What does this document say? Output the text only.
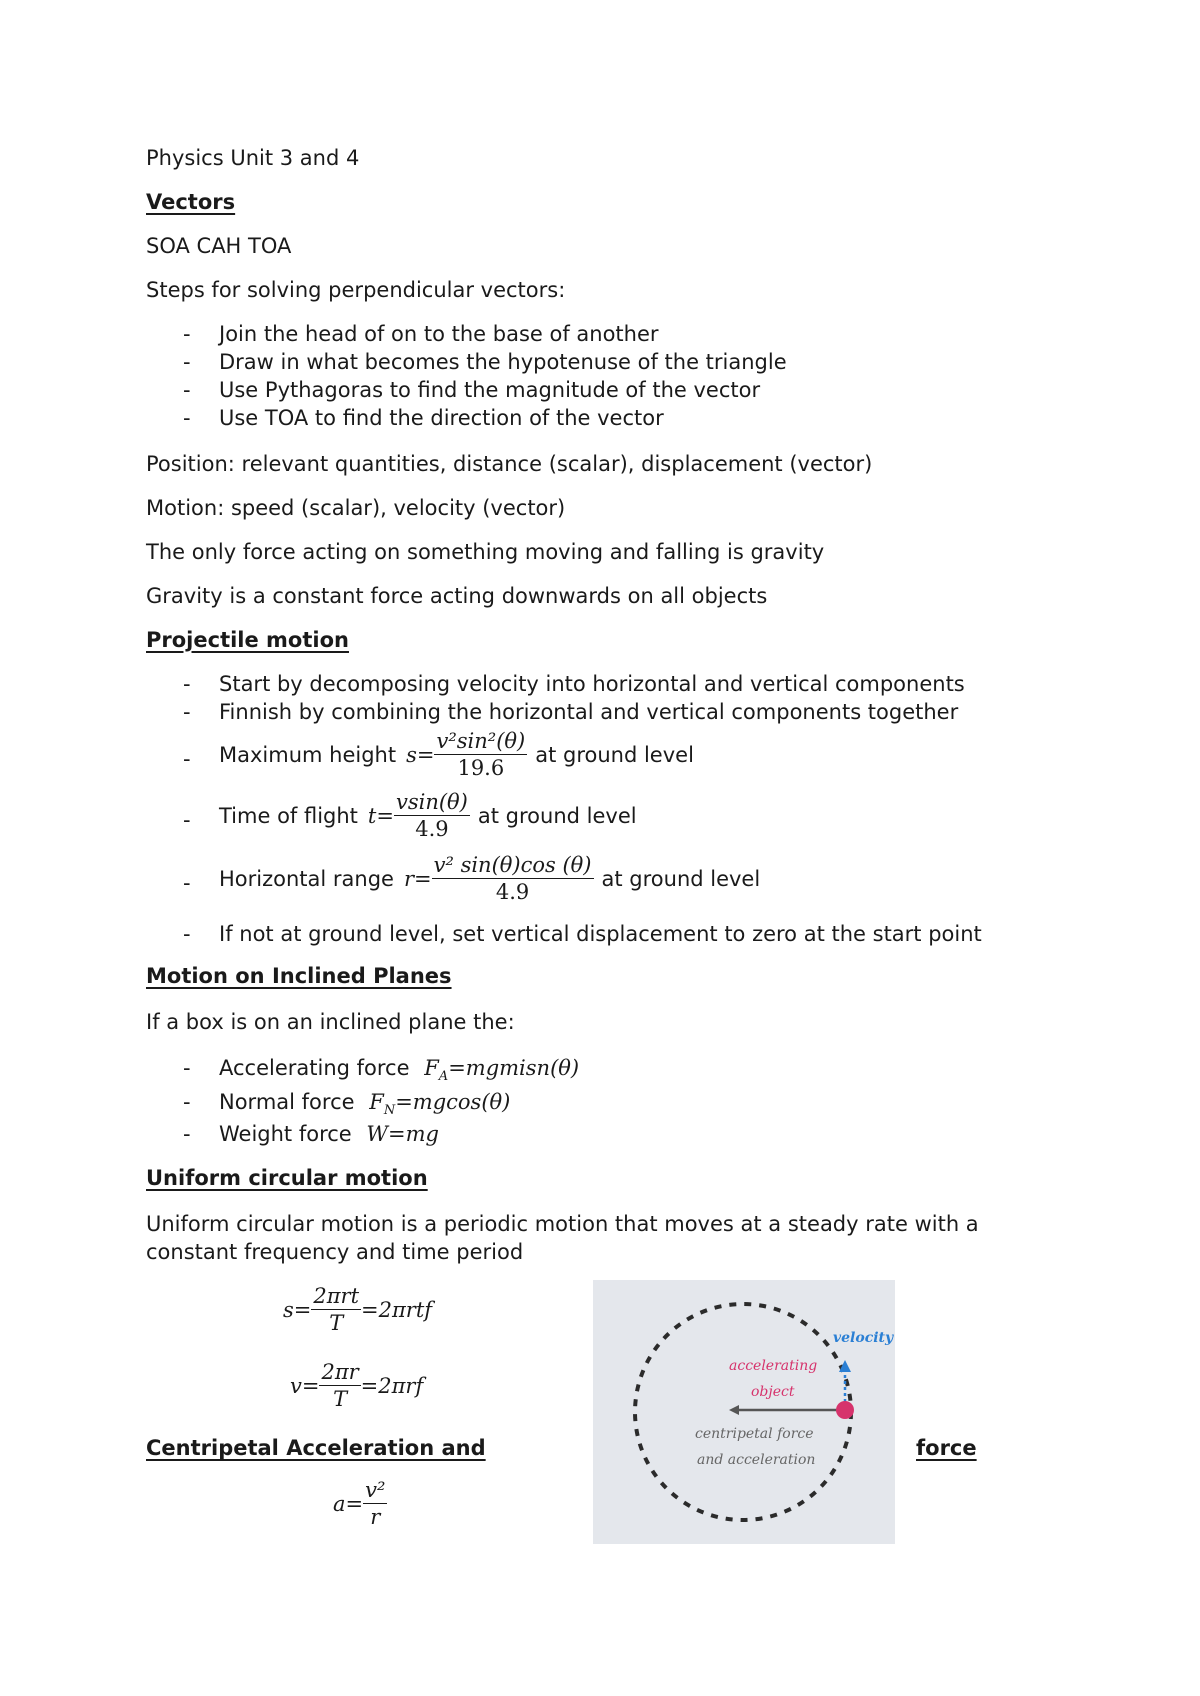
Physics Unit 3 and 4
Vectors
SOA CAH TOA
Steps for solving perpendicular vectors:
- Join the head of on to the base of another
- Draw in what becomes the hypotenuse of the triangle
- Use Pythagoras to find the magnitude of the vector
- Use TOA to find the direction of the vector
Position: relevant quantities, distance (scalar), displacement (vector)
Motion: speed (scalar), velocity (vector)
The only force acting on something moving and falling is gravity
Gravity is a constant force acting downwards on all objects
Projectile motion
- Start by decomposing velocity into horizontal and vertical components
- Finnish by combining the horizontal and vertical components together
- Maximum height $s= \frac{\text{v²sin²(θ)}}{19.6}$ at ground level
- Time of flight $t= \frac{vsin(\theta)}{4.9}$ at ground level
- Horizontal range $r= \frac{\text{v² sin(θ)cos (θ)}}{4.9}$ at ground level
- If not at ground level, set vertical displacement to zero at the start point
Motion on Inclined Planes
If a box is on an inclined plane the:
- Accelerating force $F_A=mgmisn(\theta)$
- Normal force $F_N=mgcos(\theta)$
- Weight force W=mg
Uniform circular motion
Uniform circular motion is a periodic motion that moves at a steady rate with a
constant frequency and time period
$s= \frac{\text{2πrt}}{T} =2\pi rtf$
$v= \frac{2\pi r}{T} =2\pi rf$
Centripetal Acceleration and	force
$a= \frac{\text{v²}}{r}$
velocity
accelerating
object
centripetal force
and acceleration
